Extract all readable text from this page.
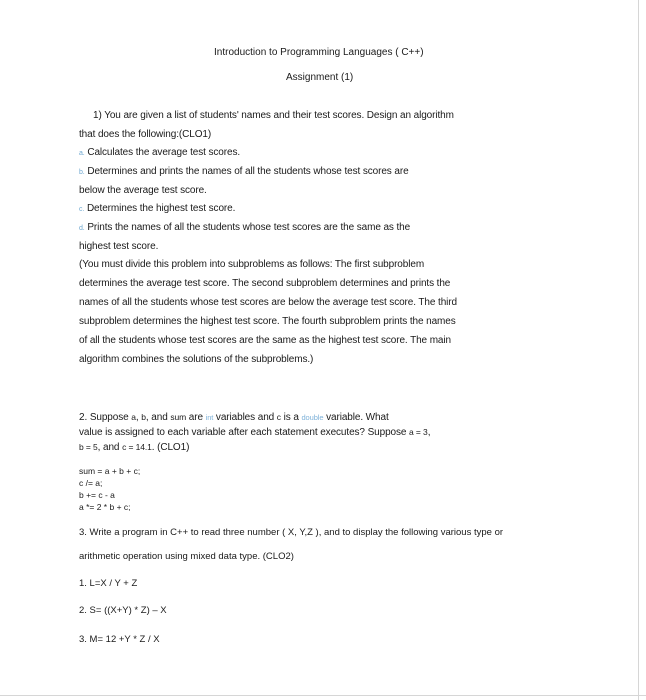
Introduction to Programming Languages ( C++)
Assignment (1)
1) You are given a list of students' names and their test scores. Design an algorithm
that does the following:(CLO1)
a. Calculates the average test scores.
b. Determines and prints the names of all the students whose test scores are
below the average test score.
c. Determines the highest test score.
d. Prints the names of all the students whose test scores are the same as the
highest test score.
(You must divide this problem into subproblems as follows: The first subproblem
determines the average test score. The second subproblem determines and prints the
names of all the students whose test scores are below the average test score. The third
subproblem determines the highest test score. The fourth subproblem prints the names
of all the students whose test scores are the same as the highest test score. The main
algorithm combines the solutions of the subproblems.)
2. Suppose a, b, and sum are int variables and c is a double variable. What
value is assigned to each variable after each statement executes? Suppose a = 3,
b = 5, and c = 14.1. (CLO1)
sum = a + b + c;
c /= a;
b += c - a
a *= 2 * b + c;
3. Write a program in C++ to read three number ( X, Y,Z ), and to display the following various type or
arithmetic operation using mixed data type. (CLO2)
1. L=X / Y + Z
2. S= ((X+Y) * Z) – X
3. M= 12 +Y * Z / X
